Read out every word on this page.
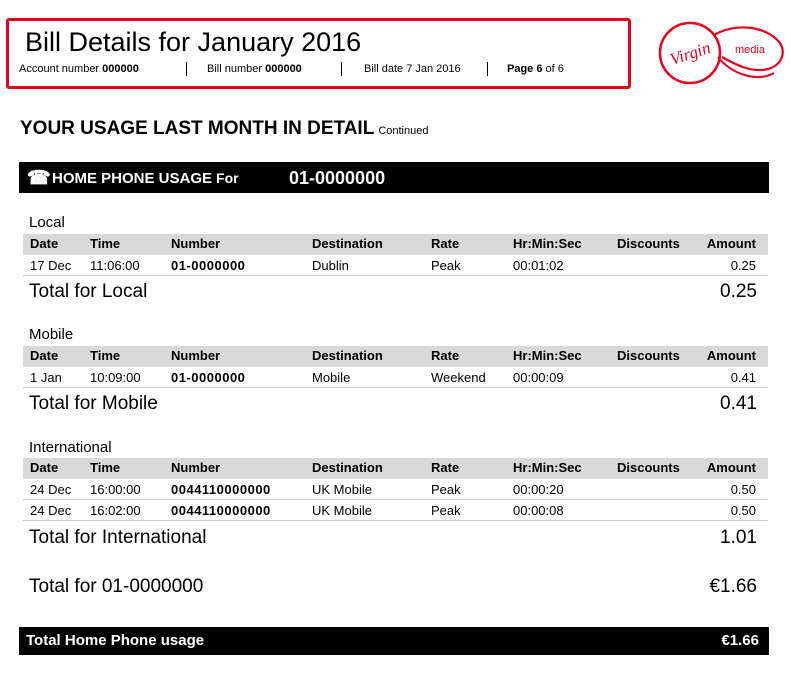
Bill Details for January 2016
Account number 000000	Bill number 000000	Bill date 7 Jan 2016	Page 6 of 6
Virgin media
YOUR USAGE LAST MONTH IN DETAIL Continued
☎ HOME PHONE USAGE For	01-0000000
Local
Date Time	Number	Destination	Rate	Hr:Min:Sec	Discounts Amount
17 Dec 11:06:00 01-0000000	Dublin	Peak	00:01:02	0.25
Total for Local	0.25
Mobile
Date Time	Number	Destination	Rate	Hr:Min:Sec	Discounts Amount
1 Jan 10:09:00 01-0000000	Mobile	Weekend 00:00:09	0.41
Total for Mobile	0.41
International
Date Time	Number	Destination	Rate	Hr:Min:Sec	Discounts Amount
24 Dec 16:00:00 0044110000000	UK Mobile	Peak	00:00:20	0.50
24 Dec 16:02:00 0044110000000	UK Mobile	Peak	00:00:08	0.50
Total for International	1.01
Total for 01-0000000	€1.66
Total Home Phone usage	€1.66
